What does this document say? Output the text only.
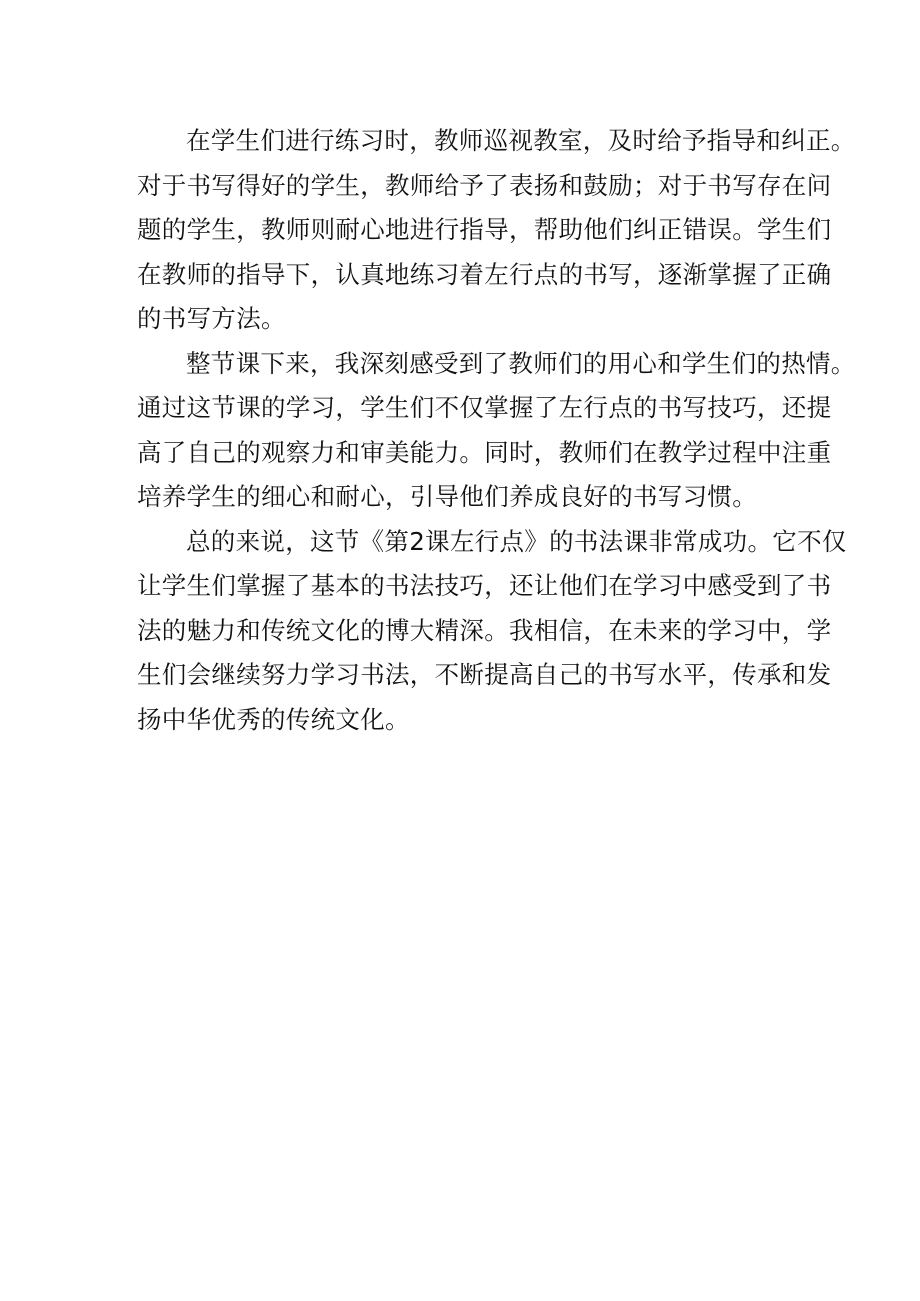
在学生们进行练习时，教师巡视教室，及时给予指导和纠正。
对于书写得好的学生，教师给予了表扬和鼓励；对于书写存在问
题的学生，教师则耐心地进行指导，帮助他们纠正错误。学生们
在教师的指导下，认真地练习着左行点的书写，逐渐掌握了正确
的书写方法。
整节课下来，我深刻感受到了教师们的用心和学生们的热情。
通过这节课的学习，学生们不仅掌握了左行点的书写技巧，还提
高了自己的观察力和审美能力。同时，教师们在教学过程中注重
培养学生的细心和耐心，引导他们养成良好的书写习惯。
总的来说，这节《第2课左行点》的书法课非常成功。它不仅
让学生们掌握了基本的书法技巧，还让他们在学习中感受到了书
法的魅力和传统文化的博大精深。我相信，在未来的学习中，学
生们会继续努力学习书法，不断提高自己的书写水平，传承和发
扬中华优秀的传统文化。
